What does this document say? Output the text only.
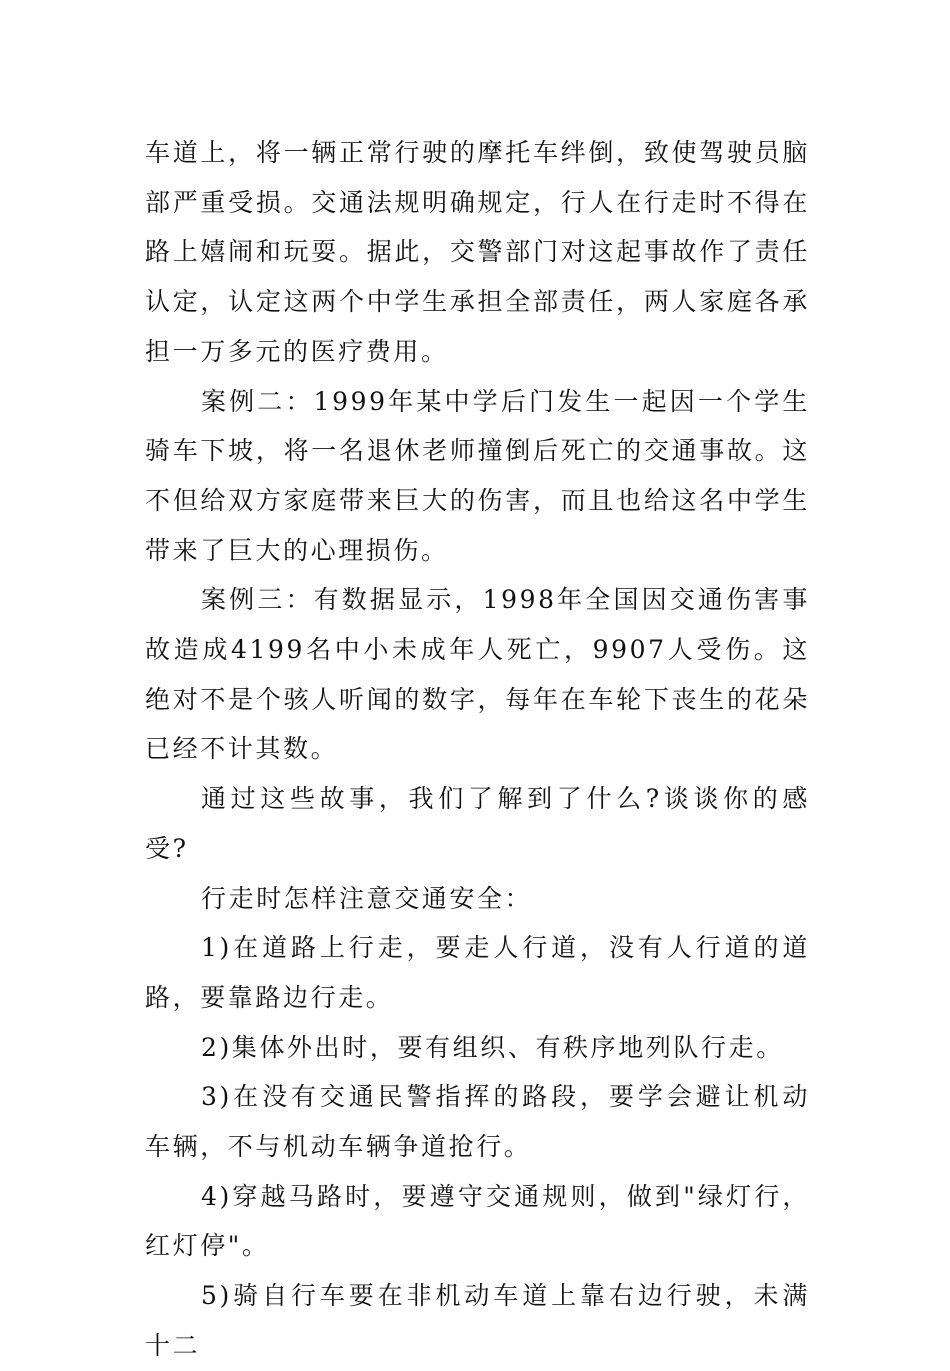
车道上，将一辆正常行驶的摩托车绊倒，致使驾驶员脑部严重受损。交通法规明确规定，行人在行走时不得在路上嬉闹和玩耍。据此，交警部门对这起事故作了责任认定，认定这两个中学生承担全部责任，两人家庭各承担一万多元的医疗费用。

案例二：1999年某中学后门发生一起因一个学生骑车下坡，将一名退休老师撞倒后死亡的交通事故。这不但给双方家庭带来巨大的伤害，而且也给这名中学生带来了巨大的心理损伤。

案例三：有数据显示，1998年全国因交通伤害事故造成4199名中小未成年人死亡，9907人受伤。这绝对不是个骇人听闻的数字，每年在车轮下丧生的花朵已经不计其数。

通过这些故事，我们了解到了什么?谈谈你的感受?

行走时怎样注意交通安全：

1)在道路上行走，要走人行道，没有人行道的道路，要靠路边行走。

2)集体外出时，要有组织、有秩序地列队行走。

3)在没有交通民警指挥的路段，要学会避让机动车辆，不与机动车辆争道抢行。

4)穿越马路时，要遵守交通规则，做到"绿灯行，红灯停"。

5)骑自行车要在非机动车道上靠右边行驶，未满十二
